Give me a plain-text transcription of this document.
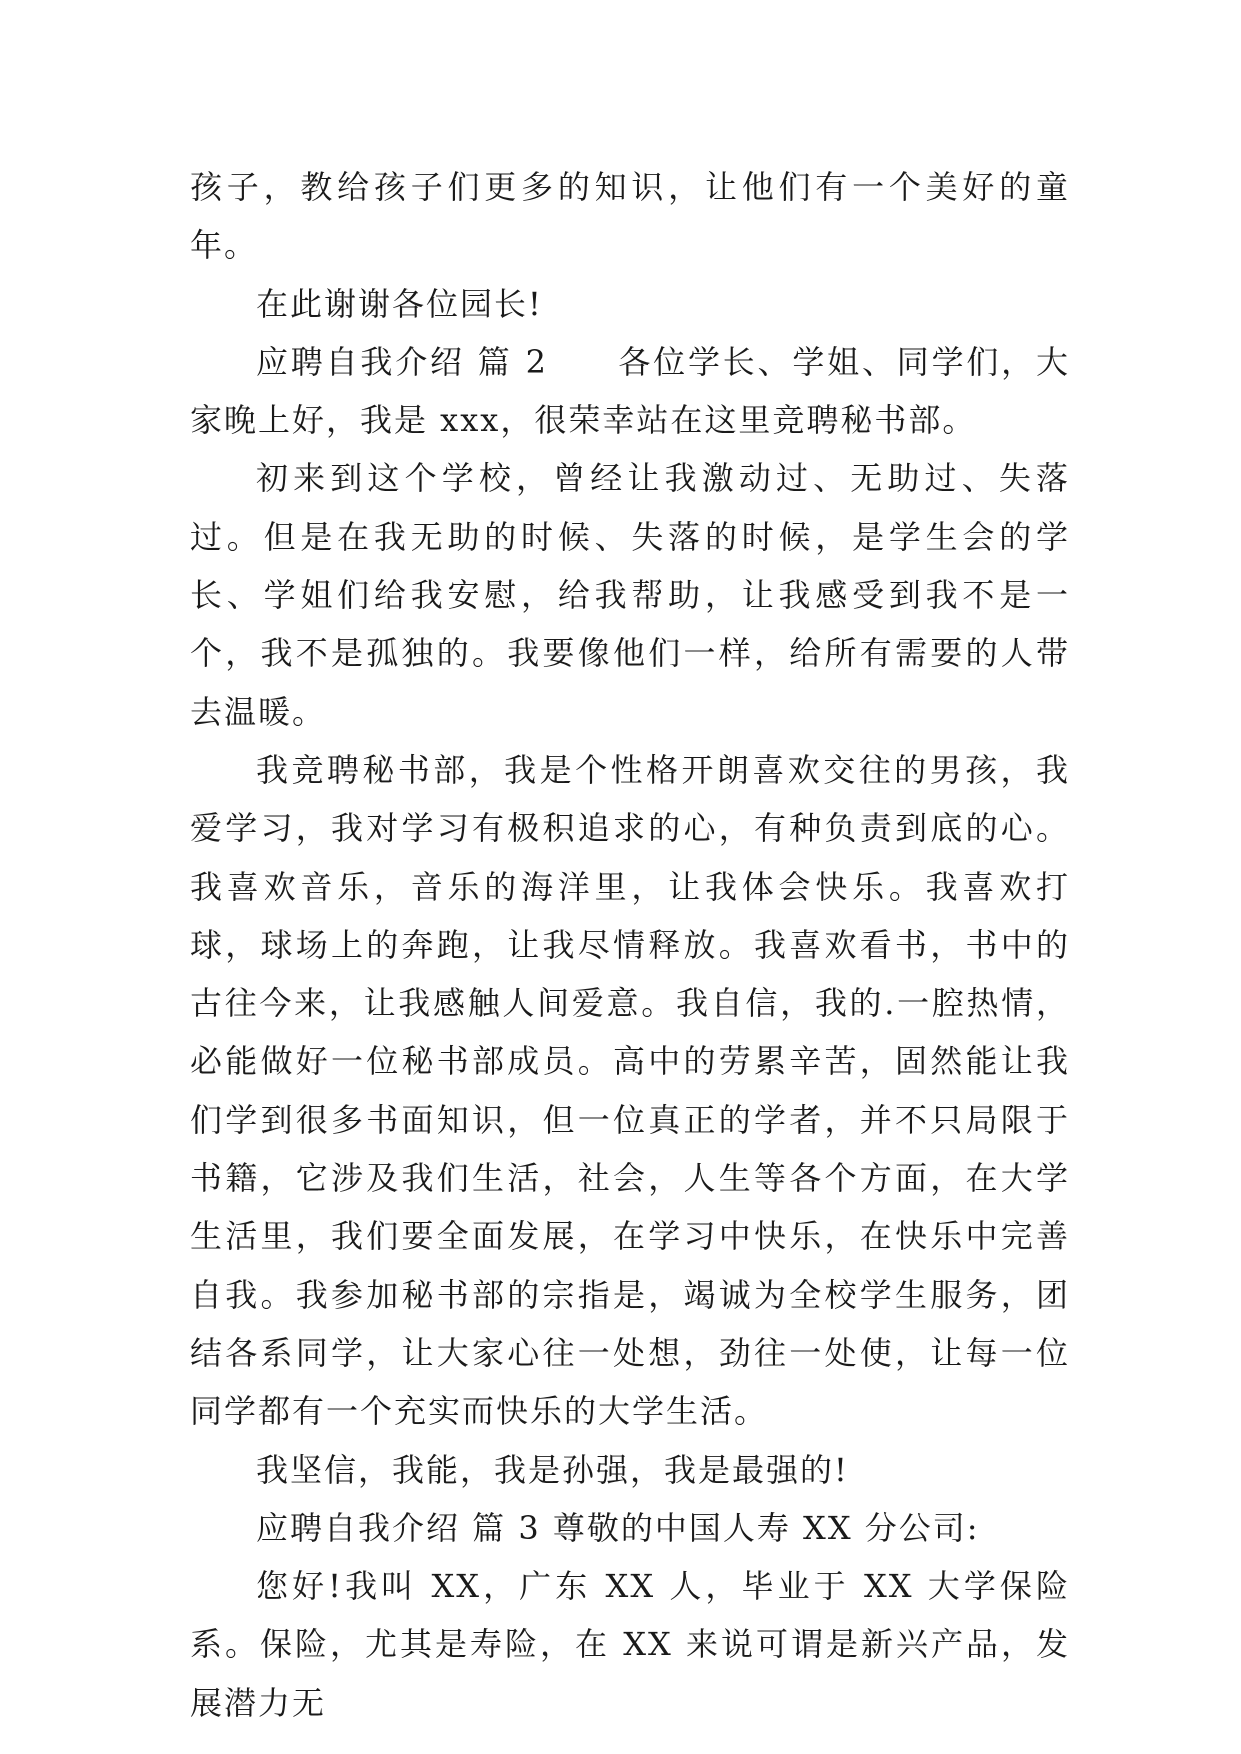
孩子，教给孩子们更多的知识，让他们有一个美好的童年。

在此谢谢各位园长!

应聘自我介绍 篇 2　　各位学长、学姐、同学们，大家晚上好，我是 xxx，很荣幸站在这里竞聘秘书部。

初来到这个学校，曾经让我激动过、无助过、失落过。但是在我无助的时候、失落的时候，是学生会的学长、学姐们给我安慰，给我帮助，让我感受到我不是一个，我不是孤独的。我要像他们一样，给所有需要的人带去温暖。

我竞聘秘书部，我是个性格开朗喜欢交往的男孩，我爱学习，我对学习有极积追求的心，有种负责到底的心。我喜欢音乐，音乐的海洋里，让我体会快乐。我喜欢打球，球场上的奔跑，让我尽情释放。我喜欢看书，书中的古往今来，让我感触人间爱意。我自信，我的.一腔热情，必能做好一位秘书部成员。高中的劳累辛苦，固然能让我们学到很多书面知识，但一位真正的学者，并不只局限于书籍，它涉及我们生活，社会，人生等各个方面，在大学生活里，我们要全面发展，在学习中快乐，在快乐中完善自我。我参加秘书部的宗指是，竭诚为全校学生服务，团结各系同学，让大家心往一处想，劲往一处使，让每一位同学都有一个充实而快乐的大学生活。

我坚信，我能，我是孙强，我是最强的!

应聘自我介绍 篇 3 尊敬的中国人寿 XX 分公司:

您好!我叫 XX，广东 XX 人，毕业于 XX 大学保险系。保险，尤其是寿险，在 XX 来说可谓是新兴产品，发展潜力无
